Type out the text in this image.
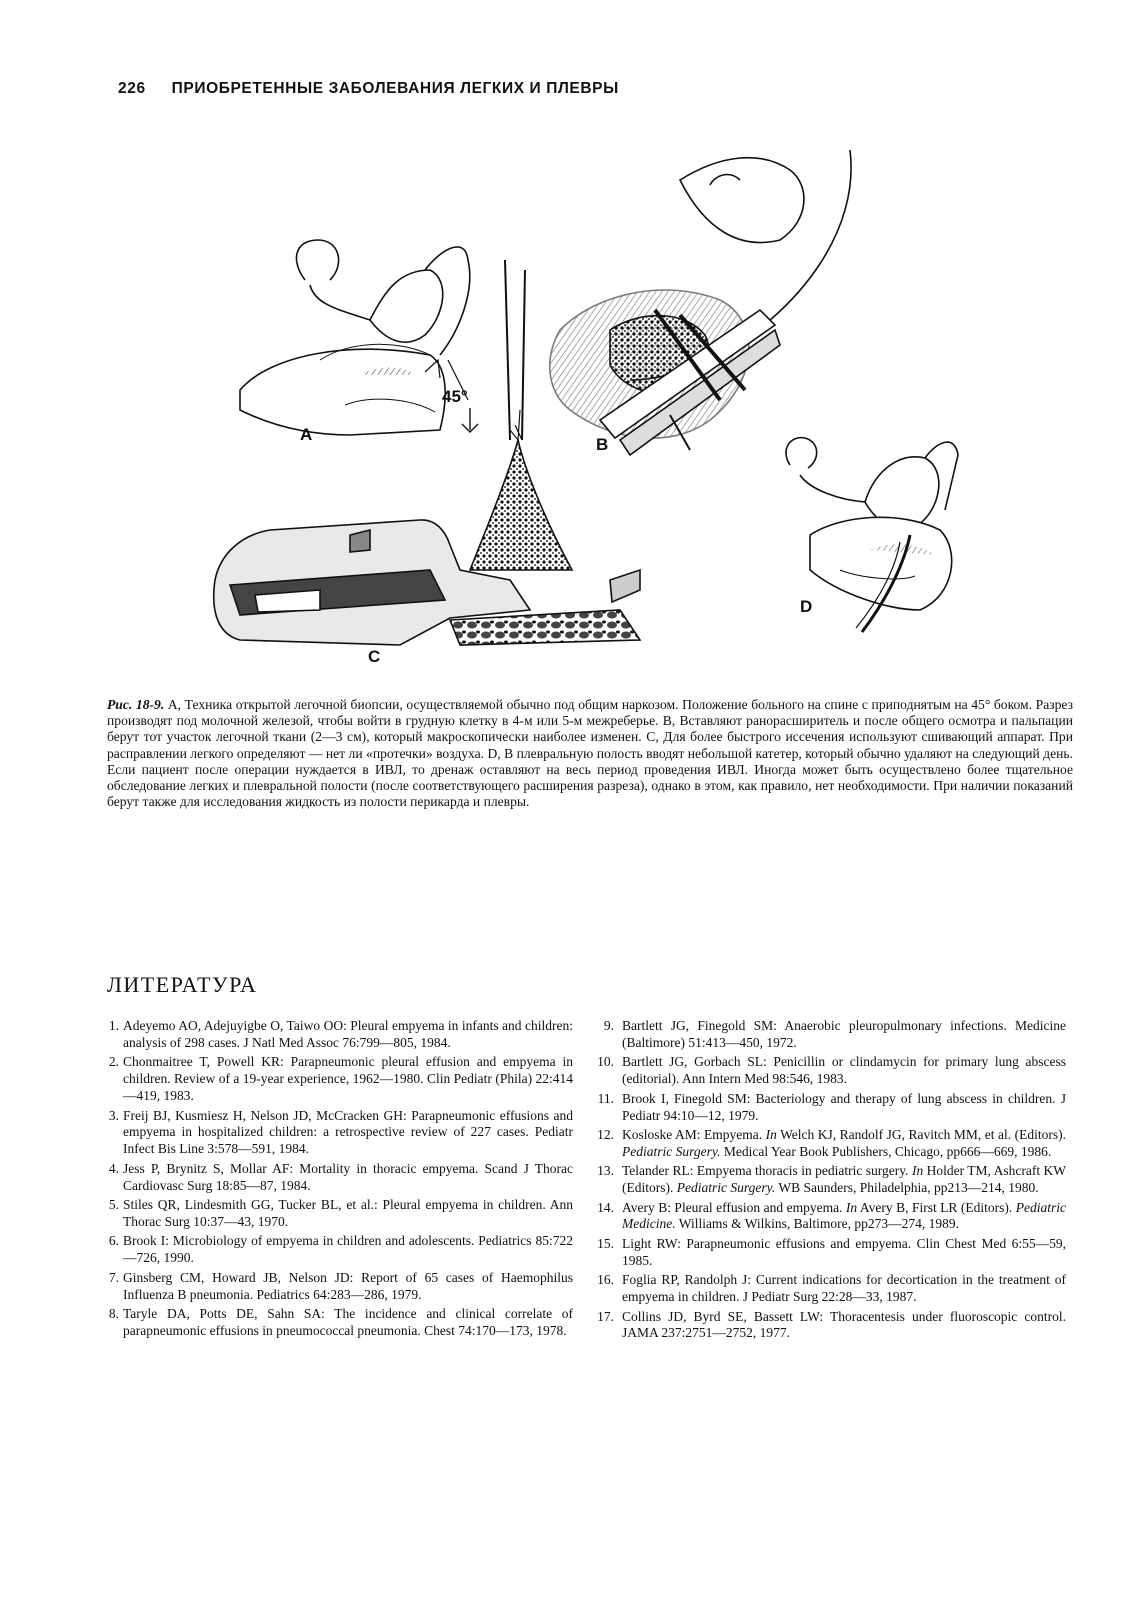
226 ПРИОБРЕТЕННЫЕ ЗАБОЛЕВАНИЯ ЛЕГКИХ И ПЛЕВРЫ
45°
A
B
C
D
Рис. 18-9. А, Техника открытой легочной биопсии, осуществляемой обычно под общим наркозом. Положение больного на спине с приподнятым на 45° боком. Разрез производят под молочной железой, чтобы войти в грудную клетку в 4-м или 5-м межреберье. В, Вставляют ранорасширитель и после общего осмотра и пальпации берут тот участок легочной ткани (2—3 см), который макроскопически наиболее изменен. С, Для более быстрого иссечения используют сшивающий аппарат. При расправлении легкого определяют — нет ли «протечки» воздуха. D, В плевральную полость вводят небольшой катетер, который обычно удаляют на следующий день. Если пациент после операции нуждается в ИВЛ, то дренаж оставляют на весь период проведения ИВЛ. Иногда может быть осуществлено более тщательное обследование легких и плевральной полости (после соответствующего расширения разреза), однако в этом, как правило, нет необходимости. При наличии показаний берут также для исследования жидкость из полости перикарда и плевры.
ЛИТЕРАТУРА
1. Adeyemo AO, Adejuyigbe O, Taiwo OO: Pleural empyema in infants and children: analysis of 298 cases. J Natl Med Assoc 76:799—805, 1984.
2. Chonmaitree T, Powell KR: Parapneumonic pleural effusion and empyema in children. Review of a 19-year experience, 1962—1980. Clin Pediatr (Phila) 22:414—419, 1983.
3. Freij BJ, Kusmiesz H, Nelson JD, McCracken GH: Parapneumonic effusions and empyema in hospitalized children: a retrospective review of 227 cases. Pediatr Infect Bis Line 3:578—591, 1984.
4. Jess P, Brynitz S, Mollar AF: Mortality in thoracic empyema. Scand J Thorac Cardiovasc Surg 18:85—87, 1984.
5. Stiles QR, Lindesmith GG, Tucker BL, et al.: Pleural empyema in children. Ann Thorac Surg 10:37—43, 1970.
6. Brook I: Microbiology of empyema in children and adolescents. Pediatrics 85:722—726, 1990.
7. Ginsberg CM, Howard JB, Nelson JD: Report of 65 cases of Haemophilus Influenza B pneumonia. Pediatrics 64:283—286, 1979.
8. Taryle DA, Potts DE, Sahn SA: The incidence and clinical correlate of parapneumonic effusions in pneumococcal pneumonia. Chest 74:170—173, 1978.
9. Bartlett JG, Finegold SM: Anaerobic pleuropulmonary infections. Medicine (Baltimore) 51:413—450, 1972.
10. Bartlett JG, Gorbach SL: Penicillin or clindamycin for primary lung abscess (editorial). Ann Intern Med 98:546, 1983.
11. Brook I, Finegold SM: Bacteriology and therapy of lung abscess in children. J Pediatr 94:10—12, 1979.
12. Kosloske AM: Empyema. In Welch KJ, Randolf JG, Ravitch MM, et al. (Editors). Pediatric Surgery. Medical Year Book Publishers, Chicago, pp666—669, 1986.
13. Telander RL: Empyema thoracis in pediatric surgery. In Holder TM, Ashcraft KW (Editors). Pediatric Surgery. WB Saunders, Philadelphia, pp213—214, 1980.
14. Avery B: Pleural effusion and empyema. In Avery B, First LR (Editors). Pediatric Medicine. Williams & Wilkins, Baltimore, pp273—274, 1989.
15. Light RW: Parapneumonic effusions and empyema. Clin Chest Med 6:55—59, 1985.
16. Foglia RP, Randolph J: Current indications for decortication in the treatment of empyema in children. J Pediatr Surg 22:28—33, 1987.
17. Collins JD, Byrd SE, Bassett LW: Thoracentesis under fluoroscopic control. JAMA 237:2751—2752, 1977.
